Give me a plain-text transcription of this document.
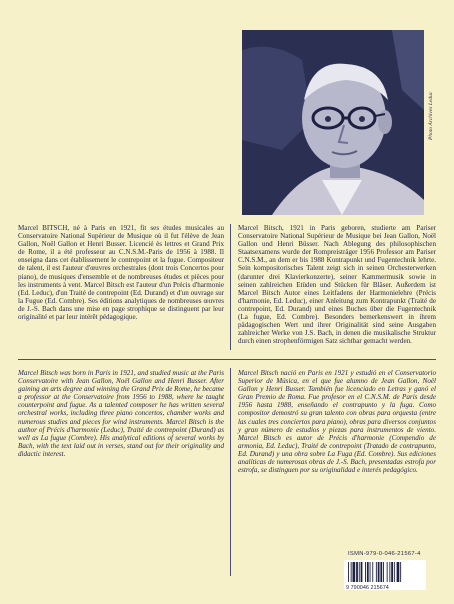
Photo Archives Leduc

Marcel BITSCH, né à Paris en 1921, fit ses études musicales au Conservatoire National Supérieur de Musique où il fut l'élève de Jean Gallon, Noël Gallon et Henri Busser. Licencié ès lettres et Grand Prix de Rome, il a été professeur au C.N.S.M.-Paris de 1956 à 1988. Il enseigna dans cet établissement le contrepoint et la fugue. Compositeur de talent, il est l'auteur d'œuvres orchestrales (dont trois Concertos pour piano), de musiques d'ensemble et de nombreuses études et pièces pour les instruments à vent. Marcel Bitsch est l'auteur d'un Précis d'harmonie (Ed. Leduc), d'un Traité de contrepoint (Ed. Durand) et d'un ouvrage sur la Fugue (Ed. Combre). Ses éditions analytiques de nombreuses œuvres de J.-S. Bach dans une mise en page strophique se distinguent par leur originalité et par leur intérêt pédagogique.

Marcel Bitsch, 1921 in Paris geboren, studierte am Pariser Conservatoire National Supérieur de Musique bei Jean Gallon, Noël Gallon und Henri Büsser. Nach Ablegung des philosophischen Staatsexamens wurde der Rompreisträger 1956 Professor am Pariser C.N.S.M., an dem er bis 1988 Kontrapunkt und Fugentechnik lehrte. Sein kompositorisches Talent zeigt sich in seinen Orchesterwerken (darunter drei Klavierkonzerte), seiner Kammermusik sowie in seinen zahlreichen Etüden und Stücken für Bläser. Außerdem ist Marcel Bitsch Autor eines Leitfadens der Harmonielehre (Précis d'harmonie, Ed. Leduc), einer Anleitung zum Kontrapunkt (Traité de contrepoint, Ed. Durand) und eines Buches über die Fugentechnik (La fugue, Ed. Combre). Besonders bemerkenswert in ihrem pädagogischen Wert und ihrer Originalität sind seine Ausgaben zahlreicher Werke von J.S. Bach, in denen die musikalische Struktur durch einen strophenförmigen Satz sichtbar gemacht werden.

Marcel Bitsch was born in Paris in 1921, and studied music at the Paris Conservatoire with Jean Gallon, Noël Gallon and Henri Busser. After gaining an arts degree and winning the Grand Prix de Rome, he became a professor at the Conservatoire from 1956 to 1988, where he taught counterpoint and fugue. As a talented composer he has written several orchestral works, including three piano concertos, chamber works and numerous studies and pieces for wind instruments. Marcel Bitsch is the author of Précis d'harmonie (Leduc), Traité de contrepoint (Durand) as well as La fugue (Combre). His analytical editions of several works by Bach, with the text laid out in verses, stand out for their originality and didactic interest.

Marcel Bitsch nació en Paris en 1921 y estudió en el Conservatorio Superior de Música, en el que fue alumno de Jean Gallon, Noël Gallon y Henri Busser. También fue licenciado en Letras y ganó el Gran Premio de Roma. Fue profesor en el C.N.S.M. de Paris desde 1956 hasta 1988, enseñando el contrapunto y la fuga. Como compositor demostró su gran talento con obras para orquesta (entre las cuales tres conciertos para piano), obras para diversos conjuntos y gran número de estudios y piezas para instrumentos de viento. Marcel Bitsch es autor de Précis d'harmonie (Compendio de armonia, Ed. Leduc), Traité de contrepoint (Tratado de contrapunto, Ed. Durand) y una obra sobre La Fuga (Ed. Combre). Sus ediciones analíticas de numerosas obras de J.-S. Bach, presentadas estrofa por estrofa, se distinguen por su originalidad e interés pedagógico.

ISMN-979-0-046-21567-4
9 790046 215674
